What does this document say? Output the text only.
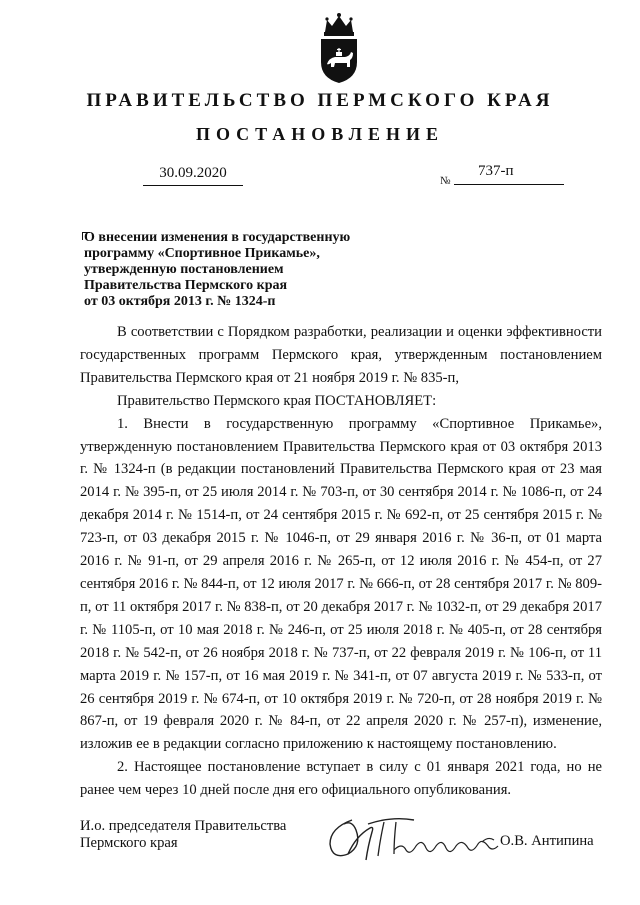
ПРАВИТЕЛЬСТВО ПЕРМСКОГО КРАЯ
ПОСТАНОВЛЕНИЕ
30.09.2020	№
737-п
О внесении изменения в государственную
программу «Спортивное Прикамье»,
утвержденную постановлением
Правительства Пермского края
от 03 октября 2013 г. № 1324-п

В соответствии с Порядком разработки, реализации и оценки эффективности государственных программ Пермского края, утвержденным постановлением Правительства Пермского края от 21 ноября 2019 г. № 835-п,

Правительство Пермского края ПОСТАНОВЛЯЕТ:

1. Внести в государственную программу «Спортивное Прикамье», утвержденную постановлением Правительства Пермского края от 03 октября 2013 г. № 1324-п (в редакции постановлений Правительства Пермского края от 23 мая 2014 г. № 395-п, от 25 июля 2014 г. № 703-п, от 30 сентября 2014 г. № 1086-п, от 24 декабря 2014 г. № 1514-п, от 24 сентября 2015 г. № 692-п, от 25 сентября 2015 г. № 723-п, от 03 декабря 2015 г. № 1046-п, от 29 января 2016 г. № 36-п, от 01 марта 2016 г. № 91-п, от 29 апреля 2016 г. № 265-п, от 12 июля 2016 г. № 454-п, от 27 сентября 2016 г. № 844-п, от 12 июля 2017 г. № 666-п, от 28 сентября 2017 г. № 809-п, от 11 октября 2017 г. № 838-п, от 20 декабря 2017 г. № 1032-п, от 29 декабря 2017 г. № 1105-п, от 10 мая 2018 г. № 246-п, от 25 июля 2018 г. № 405-п, от 28 сентября 2018 г. № 542-п, от 26 ноября 2018 г. № 737-п, от 22 февраля 2019 г. № 106-п, от 11 марта 2019 г. № 157-п, от 16 мая 2019 г. № 341-п, от 07 августа 2019 г. № 533-п, от 26 сентября 2019 г. № 674-п, от 10 октября 2019 г. № 720-п, от 28 ноября 2019 г. № 867-п, от 19 февраля 2020 г. № 84-п, от 22 апреля 2020 г. № 257-п), изменение, изложив ее в редакции согласно приложению к настоящему постановлению.

2. Настоящее постановление вступает в силу с 01 января 2021 года, но не ранее чем через 10 дней после дня его официального опубликования.

И.о. председателя Правительства
Пермского края	О.В. Антипина
